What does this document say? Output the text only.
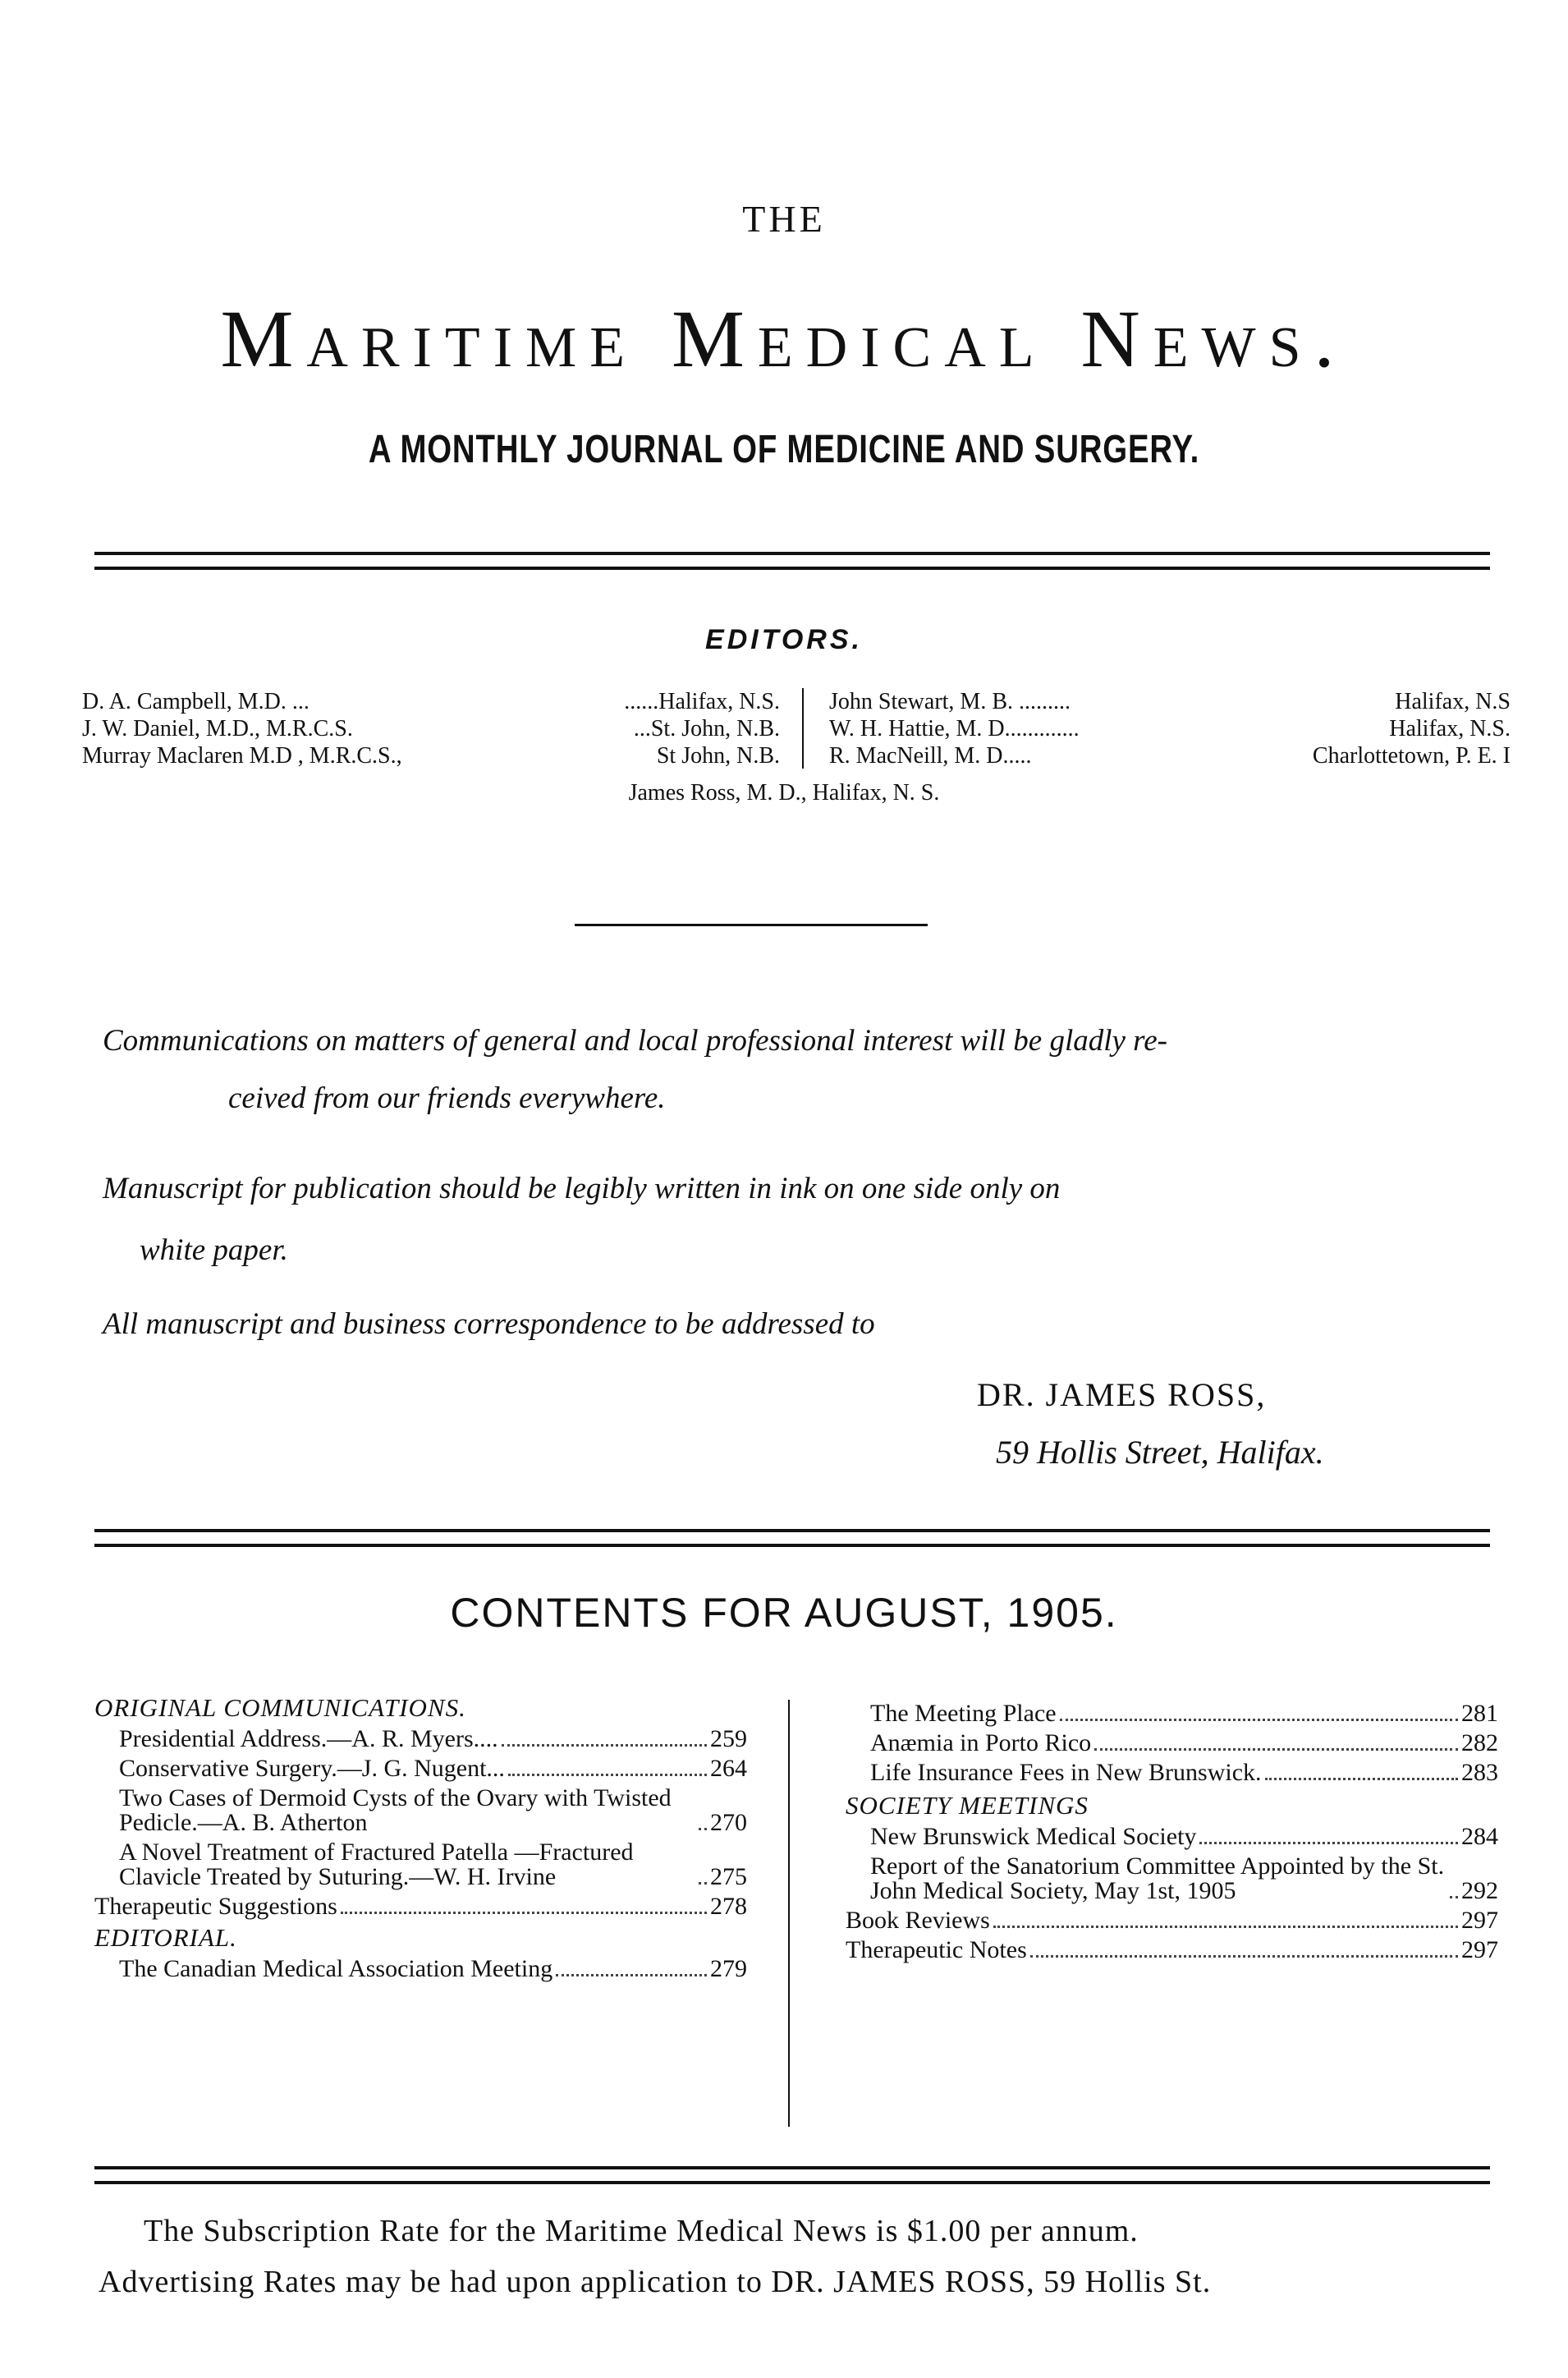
THE
Maritime Medical News.
A MONTHLY JOURNAL OF MEDICINE AND SURGERY.
EDITORS.
D. A. Campbell, M.D. ...	......Halifax, N.S.
J. W. Daniel, M.D., M.R.C.S.	...St. John, N.B.
Murray Maclaren M.D , M.R.C.S.,	St John, N.B.
John Stewart, M. B. .........	Halifax, N.S
W. H. Hattie, M. D.............	Halifax, N.S.
R. MacNeill, M. D.....	Charlottetown, P. E. I
James Ross, M. D., Halifax, N. S.
Communications on matters of general and local professional interest will be gladly re-
ceived from our friends everywhere.
Manuscript for publication should be legibly written in ink on one side only on
white paper.
All manuscript and business correspondence to be addressed to
DR. JAMES ROSS,
59 Hollis Street, Halifax.
CONTENTS FOR AUGUST, 1905.
ORIGINAL COMMUNICATIONS.
Presidential Address.—A. R. Myers....	259
Conservative Surgery.—J. G. Nugent...	264
Two Cases of Dermoid Cysts of the Ovary with Twisted Pedicle.—A. B. Atherton	270
A Novel Treatment of Fractured Patella —Fractured Clavicle Treated by Suturing.—W. H. Irvine	275
Therapeutic Suggestions	278
EDITORIAL.
The Canadian Medical Association Meeting	279
The Meeting Place	281
Anæmia in Porto Rico	282
Life Insurance Fees in New Brunswick.	283
SOCIETY MEETINGS
New Brunswick Medical Society	284
Report of the Sanatorium Committee Appointed by the St. John Medical Society, May 1st, 1905	292
Book Reviews	297
Therapeutic Notes	297
The Subscription Rate for the Maritime Medical News is $1.00 per annum.
Advertising Rates may be had upon application to DR. JAMES ROSS, 59 Hollis St.
